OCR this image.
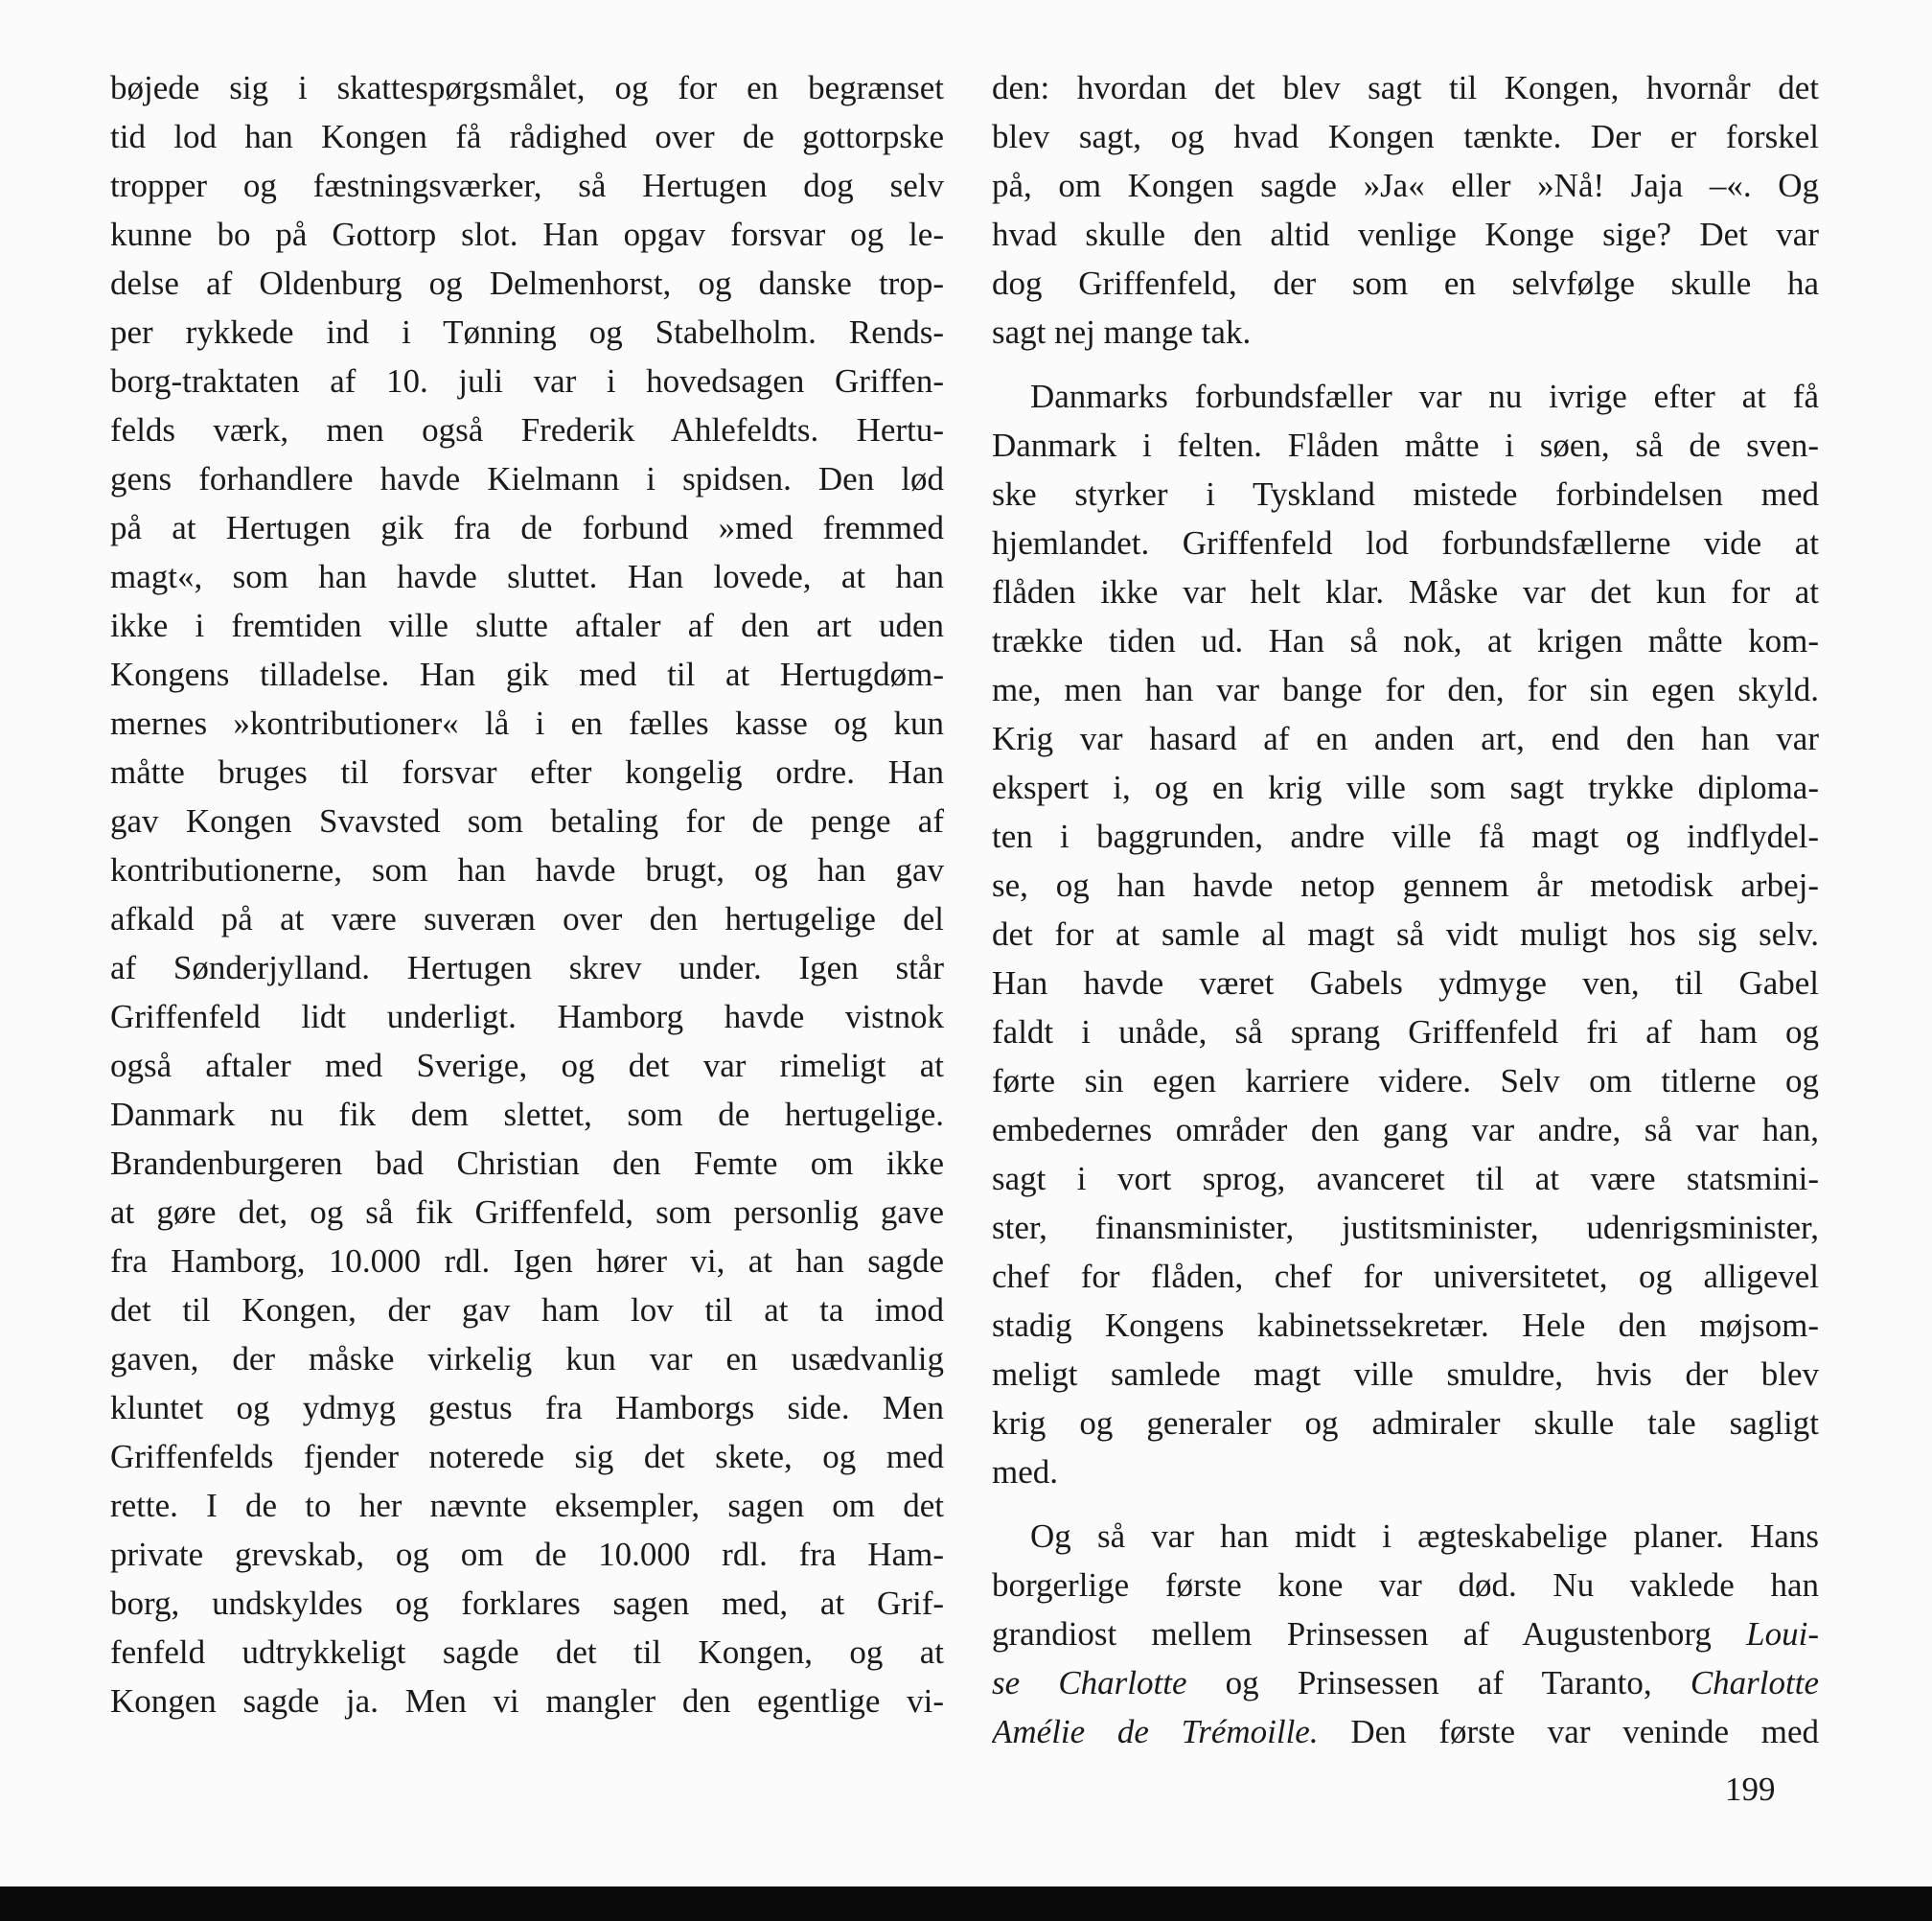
bøjede sig i skattespørgsmålet, og for en begrænset
tid lod han Kongen få rådighed over de gottorpske
tropper og fæstningsværker, så Hertugen dog selv
kunne bo på Gottorp slot. Han opgav forsvar og le-
delse af Oldenburg og Delmenhorst, og danske trop-
per rykkede ind i Tønning og Stabelholm. Rends-
borg-traktaten af 10. juli var i hovedsagen Griffen-
felds værk, men også Frederik Ahlefeldts. Hertu-
gens forhandlere havde Kielmann i spidsen. Den lød
på at Hertugen gik fra de forbund »med fremmed
magt«, som han havde sluttet. Han lovede, at han
ikke i fremtiden ville slutte aftaler af den art uden
Kongens tilladelse. Han gik med til at Hertugdøm-
mernes »kontributioner« lå i en fælles kasse og kun
måtte bruges til forsvar efter kongelig ordre. Han
gav Kongen Svavsted som betaling for de penge af
kontributionerne, som han havde brugt, og han gav
afkald på at være suveræn over den hertugelige del
af Sønderjylland. Hertugen skrev under. Igen står
Griffenfeld lidt underligt. Hamborg havde vistnok
også aftaler med Sverige, og det var rimeligt at
Danmark nu fik dem slettet, som de hertugelige.
Brandenburgeren bad Christian den Femte om ikke
at gøre det, og så fik Griffenfeld, som personlig gave
fra Hamborg, 10.000 rdl. Igen hører vi, at han sagde
det til Kongen, der gav ham lov til at ta imod
gaven, der måske virkelig kun var en usædvanlig
kluntet og ydmyg gestus fra Hamborgs side. Men
Griffenfelds fjender noterede sig det skete, og med
rette. I de to her nævnte eksempler, sagen om det
private grevskab, og om de 10.000 rdl. fra Ham-
borg, undskyldes og forklares sagen med, at Grif-
fenfeld udtrykkeligt sagde det til Kongen, og at
Kongen sagde ja. Men vi mangler den egentlige vi-
den: hvordan det blev sagt til Kongen, hvornår det
blev sagt, og hvad Kongen tænkte. Der er forskel
på, om Kongen sagde »Ja« eller »Nå! Jaja –«. Og
hvad skulle den altid venlige Konge sige? Det var
dog Griffenfeld, der som en selvfølge skulle ha
sagt nej mange tak.
Danmarks forbundsfæller var nu ivrige efter at få
Danmark i felten. Flåden måtte i søen, så de sven-
ske styrker i Tyskland mistede forbindelsen med
hjemlandet. Griffenfeld lod forbundsfællerne vide at
flåden ikke var helt klar. Måske var det kun for at
trække tiden ud. Han så nok, at krigen måtte kom-
me, men han var bange for den, for sin egen skyld.
Krig var hasard af en anden art, end den han var
ekspert i, og en krig ville som sagt trykke diploma-
ten i baggrunden, andre ville få magt og indflydel-
se, og han havde netop gennem år metodisk arbej-
det for at samle al magt så vidt muligt hos sig selv.
Han havde været Gabels ydmyge ven, til Gabel
faldt i unåde, så sprang Griffenfeld fri af ham og
førte sin egen karriere videre. Selv om titlerne og
embedernes områder den gang var andre, så var han,
sagt i vort sprog, avanceret til at være statsmini-
ster, finansminister, justitsminister, udenrigsminister,
chef for flåden, chef for universitetet, og alligevel
stadig Kongens kabinetssekretær. Hele den møjsom-
meligt samlede magt ville smuldre, hvis der blev
krig og generaler og admiraler skulle tale sagligt
med.
Og så var han midt i ægteskabelige planer. Hans
borgerlige første kone var død. Nu vaklede han
grandiost mellem Prinsessen af Augustenborg Loui-
se Charlotte og Prinsessen af Taranto, Charlotte
Amélie de Trémoille. Den første var veninde med
199
